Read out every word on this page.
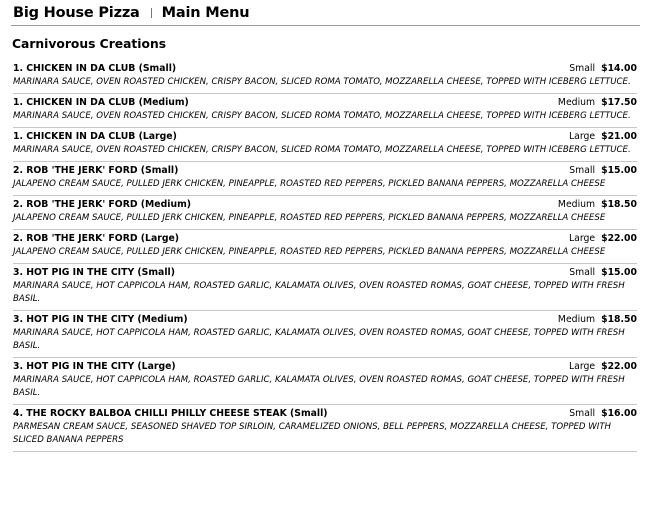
Big House Pizza Main Menu
Carnivorous Creations
1. CHICKEN IN DA CLUB (Small)	Small $14.00
MARINARA SAUCE, OVEN ROASTED CHICKEN, CRISPY BACON, SLICED ROMA TOMATO, MOZZARELLA CHEESE, TOPPED WITH ICEBERG LETTUCE.
1. CHICKEN IN DA CLUB (Medium)	Medium $17.50
MARINARA SAUCE, OVEN ROASTED CHICKEN, CRISPY BACON, SLICED ROMA TOMATO, MOZZARELLA CHEESE, TOPPED WITH ICEBERG LETTUCE.
1. CHICKEN IN DA CLUB (Large)	Large $21.00
MARINARA SAUCE, OVEN ROASTED CHICKEN, CRISPY BACON, SLICED ROMA TOMATO, MOZZARELLA CHEESE, TOPPED WITH ICEBERG LETTUCE.
2. ROB 'THE JERK' FORD (Small)	Small $15.00
JALAPENO CREAM SAUCE, PULLED JERK CHICKEN, PINEAPPLE, ROASTED RED PEPPERS, PICKLED BANANA PEPPERS, MOZZARELLA CHEESE
2. ROB 'THE JERK' FORD (Medium)	Medium $18.50
JALAPENO CREAM SAUCE, PULLED JERK CHICKEN, PINEAPPLE, ROASTED RED PEPPERS, PICKLED BANANA PEPPERS, MOZZARELLA CHEESE
2. ROB 'THE JERK' FORD (Large)	Large $22.00
JALAPENO CREAM SAUCE, PULLED JERK CHICKEN, PINEAPPLE, ROASTED RED PEPPERS, PICKLED BANANA PEPPERS, MOZZARELLA CHEESE
3. HOT PIG IN THE CITY (Small)	Small $15.00
MARINARA SAUCE, HOT CAPPICOLA HAM, ROASTED GARLIC, KALAMATA OLIVES, OVEN ROASTED ROMAS, GOAT CHEESE, TOPPED WITH FRESH BASIL.
3. HOT PIG IN THE CITY (Medium)	Medium $18.50
MARINARA SAUCE, HOT CAPPICOLA HAM, ROASTED GARLIC, KALAMATA OLIVES, OVEN ROASTED ROMAS, GOAT CHEESE, TOPPED WITH FRESH BASIL.
3. HOT PIG IN THE CITY (Large)	Large $22.00
MARINARA SAUCE, HOT CAPPICOLA HAM, ROASTED GARLIC, KALAMATA OLIVES, OVEN ROASTED ROMAS, GOAT CHEESE, TOPPED WITH FRESH BASIL.
4. THE ROCKY BALBOA CHILLI PHILLY CHEESE STEAK (Small)	Small $16.00
PARMESAN CREAM SAUCE, SEASONED SHAVED TOP SIRLOIN, CARAMELIZED ONIONS, BELL PEPPERS, MOZZARELLA CHEESE, TOPPED WITH SLICED BANANA PEPPERS
